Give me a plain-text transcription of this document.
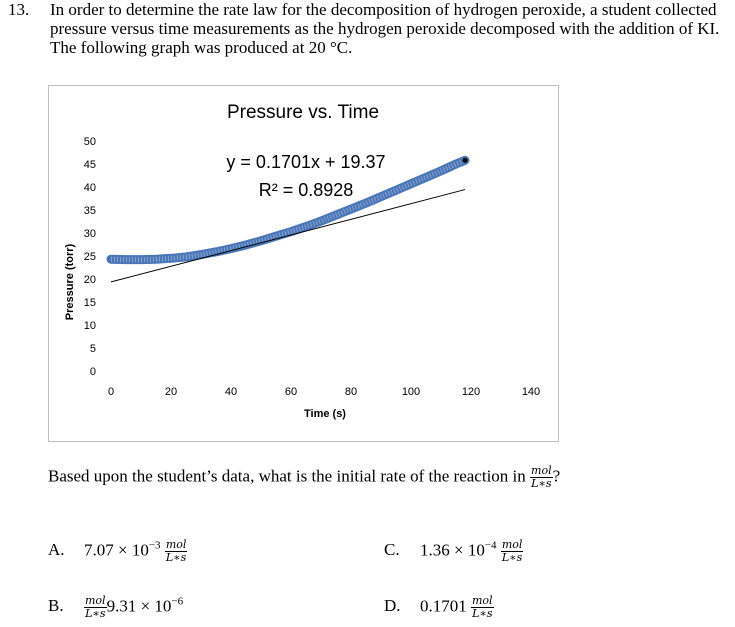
13. In order to determine the rate law for the decomposition of hydrogen peroxide, a student collected pressure versus time measurements as the hydrogen peroxide decomposed with the addition of KI. The following graph was produced at 20 °C.
Pressure vs. Time
y = 0.1701x + 19.37
R² = 0.8928
Time (s)
Pressure (torr)
0
5
10
15
20
25
30
35
40
45
50
0	20	40	60	80	100	120	140
Based upon the student’s data, what is the initial rate of the reaction in $\frac{\text{mol}}{L∗s}$ ?
A. $7.07 \times 10^{-3} \frac{\text{mol}}{L∗s}$
B. $\frac{\text{mol}}{L∗s} 9.31 \times 10^{-6}$
C. $1.36 \times 10^{-4} \frac{\text{mol}}{L∗s}$
D. $0.1701 \frac{\text{mol}}{L∗s}$
